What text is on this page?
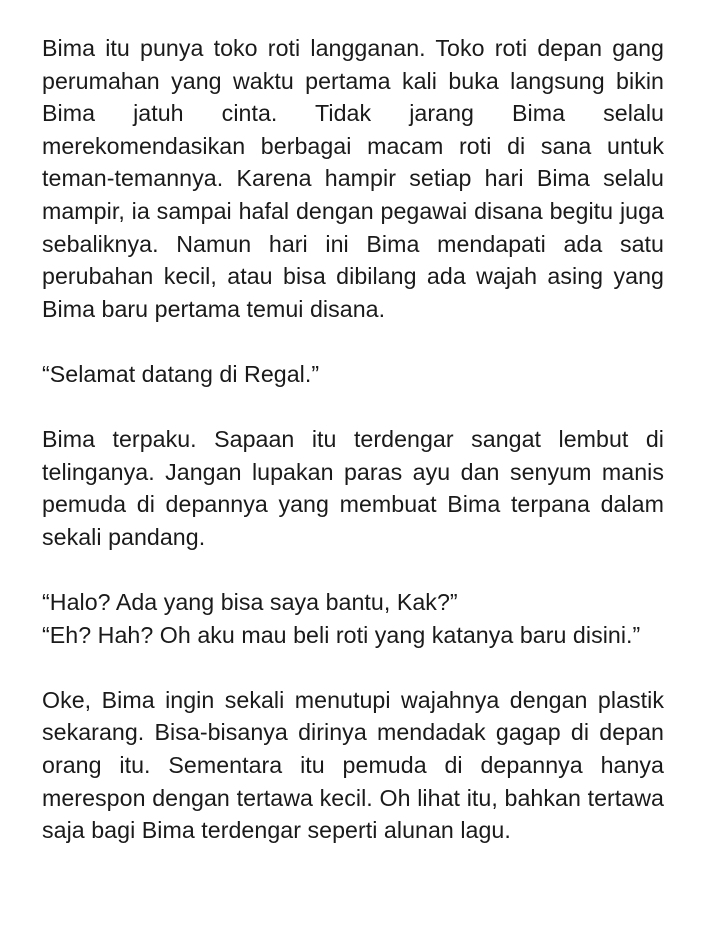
Bima itu punya toko roti langganan. Toko roti depan gang perumahan yang waktu pertama kali buka langsung bikin Bima jatuh cinta. Tidak jarang Bima selalu merekomendasikan berbagai macam roti di sana untuk teman-temannya. Karena hampir setiap hari Bima selalu mampir, ia sampai hafal dengan pegawai disana begitu juga sebaliknya. Namun hari ini Bima mendapati ada satu perubahan kecil, atau bisa dibilang ada wajah asing yang Bima baru pertama temui disana.

“Selamat datang di Regal.”

Bima terpaku. Sapaan itu terdengar sangat lembut di telinganya. Jangan lupakan paras ayu dan senyum manis pemuda di depannya yang membuat Bima terpana dalam sekali pandang.

“Halo? Ada yang bisa saya bantu, Kak?”

“Eh? Hah? Oh aku mau beli roti yang katanya baru disini.”

Oke, Bima ingin sekali menutupi wajahnya dengan plastik sekarang. Bisa-bisanya dirinya mendadak gagap di depan orang itu. Sementara itu pemuda di depannya hanya merespon dengan tertawa kecil. Oh lihat itu, bahkan tertawa saja bagi Bima terdengar seperti alunan lagu.
